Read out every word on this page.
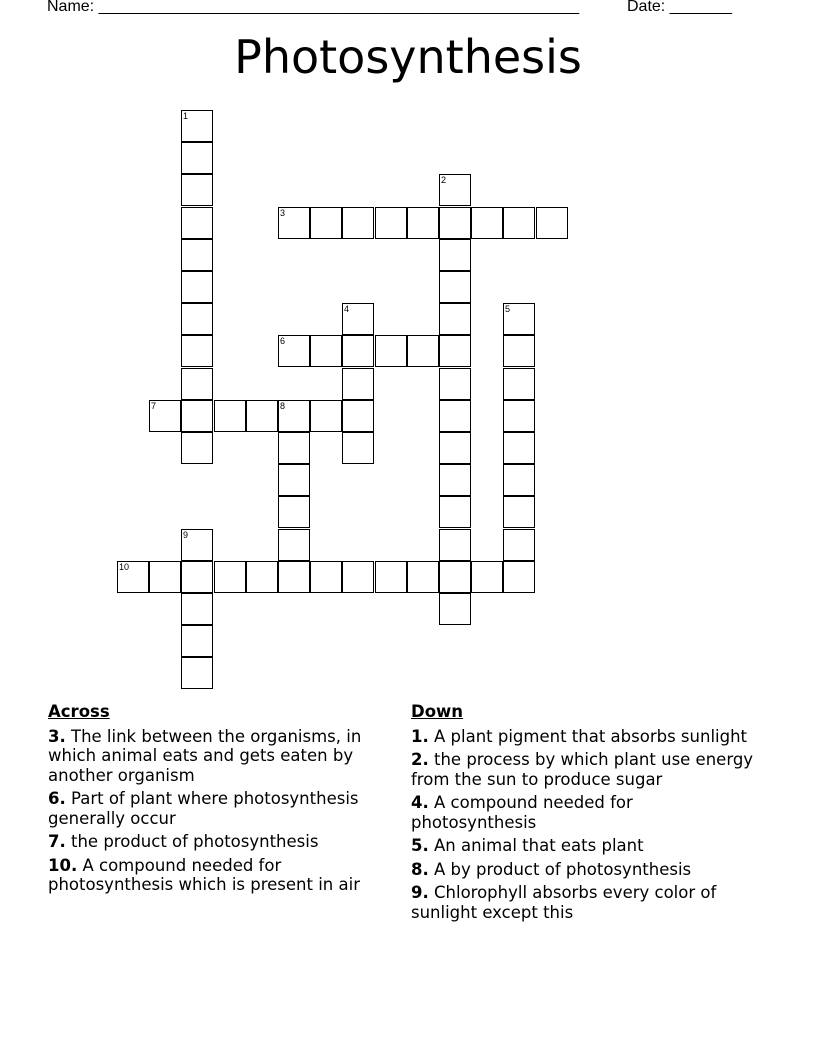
Name: ______________________________________________________	Date: _______
Photosynthesis
1
2
3
4	5
6
7	8
9
10
Across
3. The link between the organisms, in which animal eats and gets eaten by another organism
6. Part of plant where photosynthesis generally occur
7. the product of photosynthesis
10. A compound needed for photosynthesis which is present in air
Down
1. A plant pigment that absorbs sunlight
2. the process by which plant use energy from the sun to produce sugar
4. A compound needed for photosynthesis
5. An animal that eats plant
8. A by product of photosynthesis
9. Chlorophyll absorbs every color of sunlight except this
